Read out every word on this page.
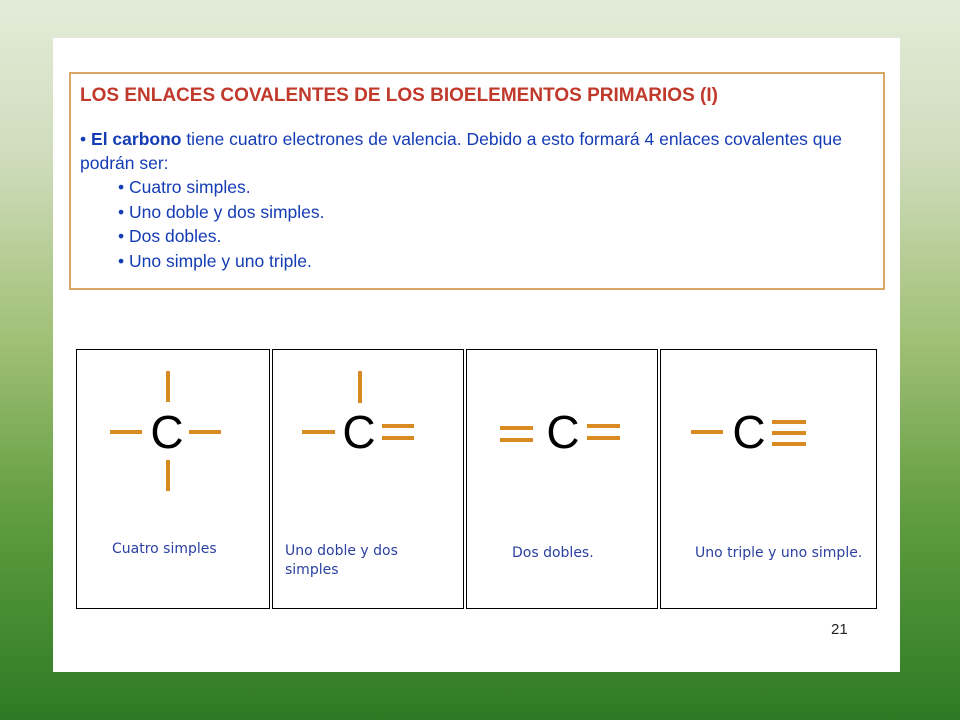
LOS ENLACES COVALENTES DE LOS BIOELEMENTOS PRIMARIOS (I)
• El carbono tiene cuatro electrones de valencia. Debido a esto formará 4 enlaces covalentes que podrán ser:
• Cuatro simples.
• Uno doble y dos simples.
• Dos dobles.
• Uno simple y uno triple.
C
Cuatro simples
C
Uno doble y dos simples
C
Dos dobles.
C
Uno triple y uno simple.
21
